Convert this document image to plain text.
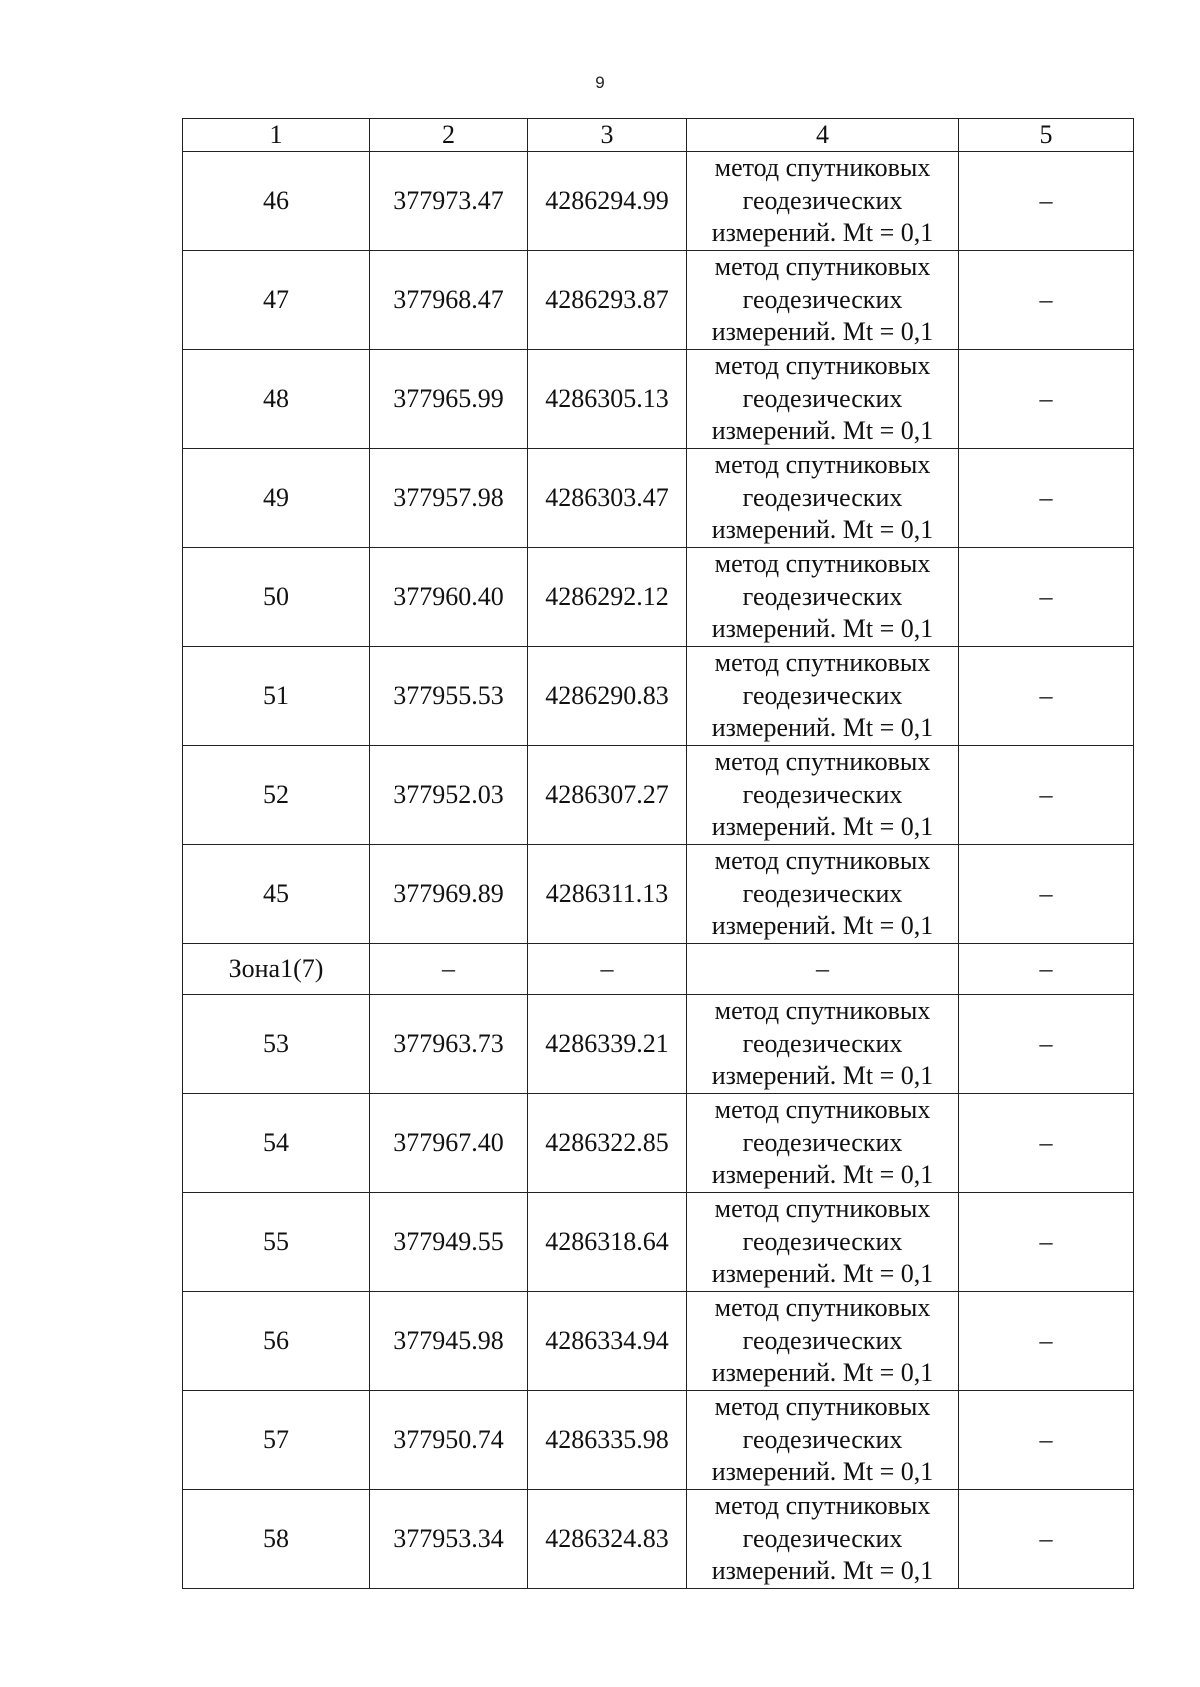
9
1	2	3	4	5
46	377973.47	4286294.99	метод спутниковых геодезических измерений. Mt = 0,1	–
47	377968.47	4286293.87	метод спутниковых геодезических измерений. Mt = 0,1	–
48	377965.99	4286305.13	метод спутниковых геодезических измерений. Mt = 0,1	–
49	377957.98	4286303.47	метод спутниковых геодезических измерений. Mt = 0,1	–
50	377960.40	4286292.12	метод спутниковых геодезических измерений. Mt = 0,1	–
51	377955.53	4286290.83	метод спутниковых геодезических измерений. Mt = 0,1	–
52	377952.03	4286307.27	метод спутниковых геодезических измерений. Mt = 0,1	–
45	377969.89	4286311.13	метод спутниковых геодезических измерений. Mt = 0,1	–
Зона1(7)	–	–	–	–
53	377963.73	4286339.21	метод спутниковых геодезических измерений. Mt = 0,1	–
54	377967.40	4286322.85	метод спутниковых геодезических измерений. Mt = 0,1	–
55	377949.55	4286318.64	метод спутниковых геодезических измерений. Mt = 0,1	–
56	377945.98	4286334.94	метод спутниковых геодезических измерений. Mt = 0,1	–
57	377950.74	4286335.98	метод спутниковых геодезических измерений. Mt = 0,1	–
58	377953.34	4286324.83	метод спутниковых геодезических измерений. Mt = 0,1	–
